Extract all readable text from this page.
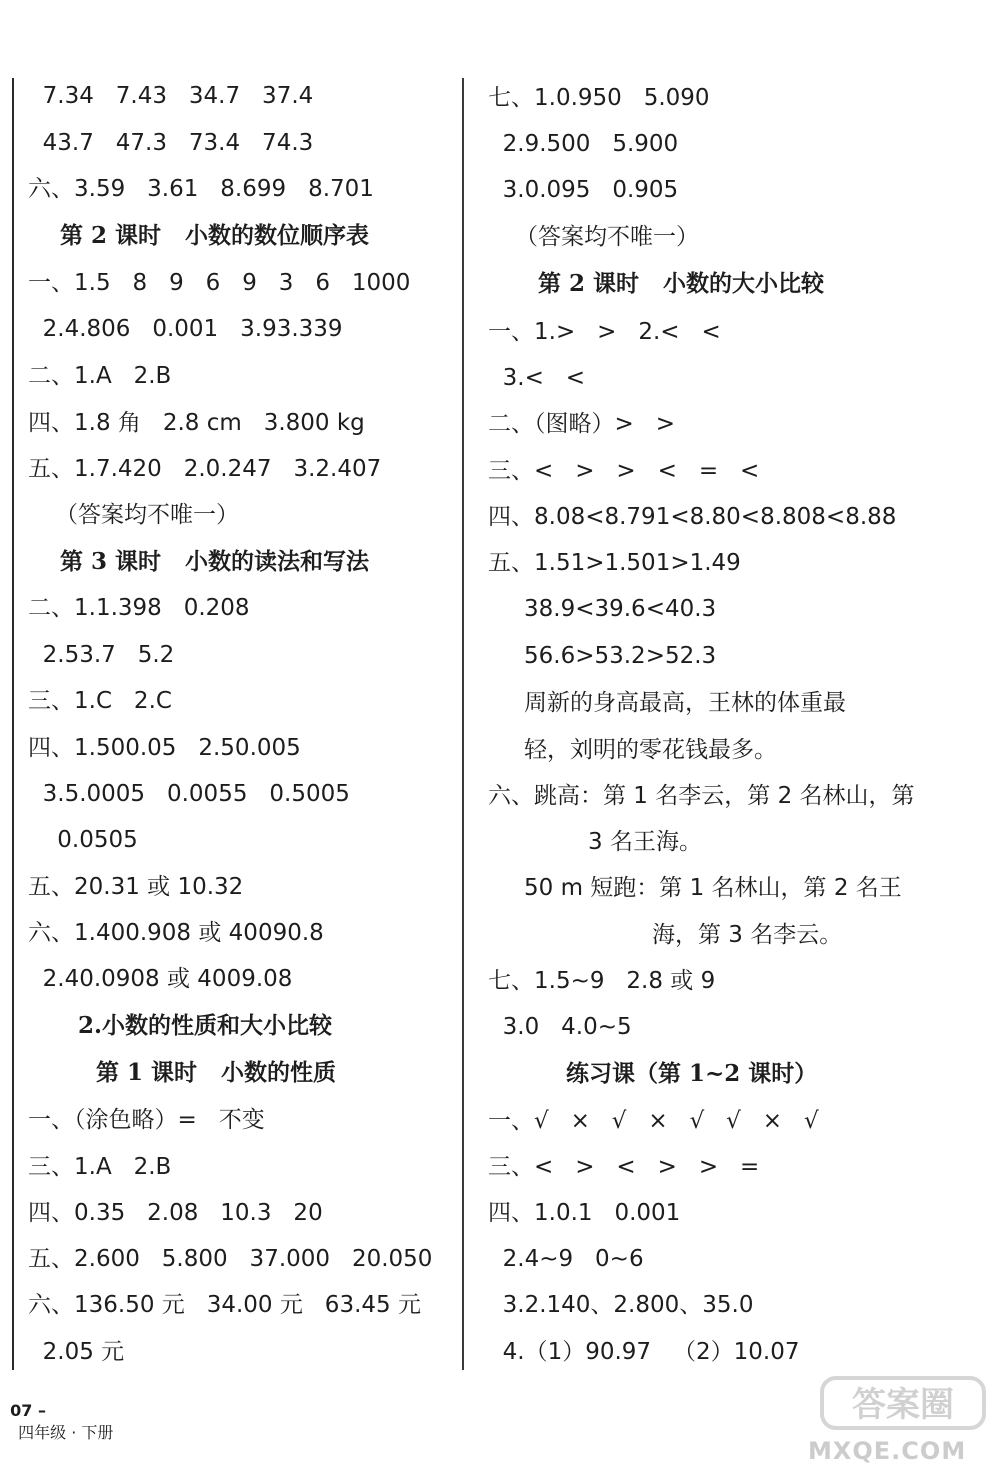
7.34   7.43   34.7   37.4
43.7   47.3   73.4   74.3
六、3.59   3.61   8.699   8.701
第 2 课时   小数的数位顺序表
一、1.5   8   9   6   9   3   6   1000
2.4.806   0.001   3.93.339
二、1.A   2.B
四、1.8 角   2.8 cm   3.800 kg
五、1.7.420   2.0.247   3.2.407
（答案均不唯一）
第 3 课时   小数的读法和写法
二、1.1.398   0.208
2.53.7   5.2
三、1.C   2.C
四、1.500.05   2.50.005
3.5.0005   0.0055   0.5005
0.0505
五、20.31 或 10.32
六、1.400.908 或 40090.8
2.40.0908 或 4009.08
2.小数的性质和大小比较
第 1 课时   小数的性质
一、（涂色略）=   不变
三、1.A   2.B
四、0.35   2.08   10.3   20
五、2.600   5.800   37.000   20.050
六、136.50 元   34.00 元   63.45 元
2.05 元
七、1.0.950   5.090
2.9.500   5.900
3.0.095   0.905
（答案均不唯一）
第 2 课时   小数的大小比较
一、1.>   >   2.<   <
3.<   <
二、（图略）>   >
三、<   >   >   <   =   <
四、8.08<8.791<8.80<8.808<8.88
五、1.51>1.501>1.49
38.9<39.6<40.3
56.6>53.2>52.3
周新的身高最高，王林的体重最
轻，刘明的零花钱最多。
六、跳高：第 1 名李云，第 2 名林山，第
3 名王海。
50 m 短跑：第 1 名林山，第 2 名王
海，第 3 名李云。
七、1.5~9   2.8 或 9
3.0   4.0~5
练习课（第 1~2 课时）
一、√   ×   √   ×   √   √   ×   √
三、<   >   <   >   >   =
四、1.0.1   0.001
2.4~9   0~6
3.2.140、2.800、35.0
4.（1）90.97   （2）10.07

07 –
四年级 · 下册

答案圈
MXQE.COM
